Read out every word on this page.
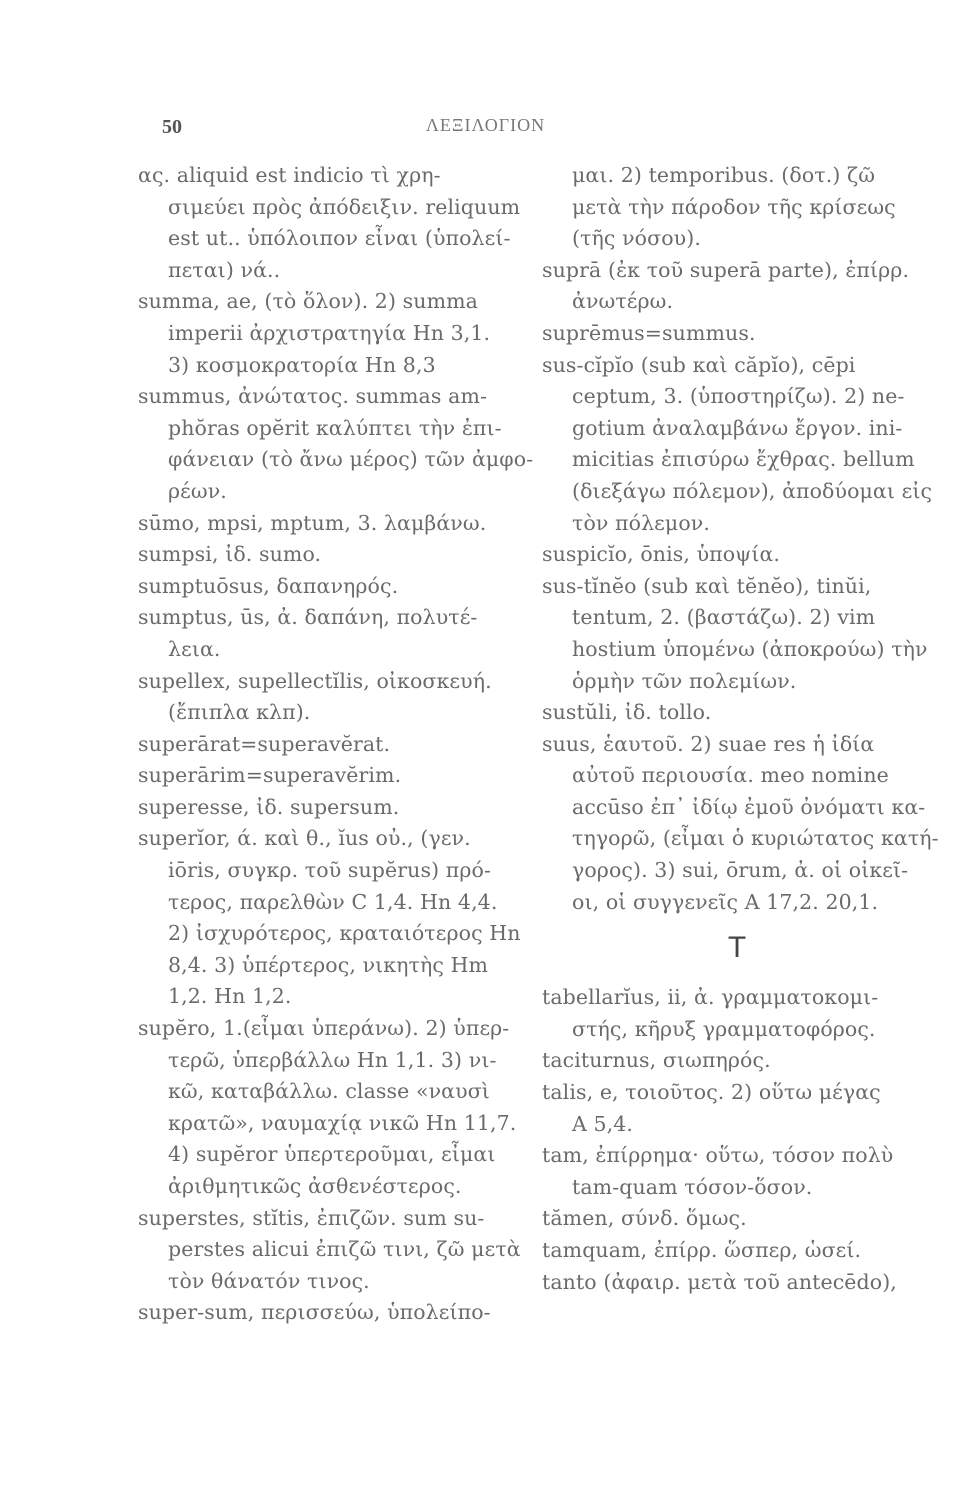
50	ΛΕΞΙΛΟΓΙΟΝ
ας. aliquid est indicio τὶ χρη-
σιμεύει πρὸς ἀπόδειξιν. reliquum
est ut.. ὑπόλοιπον εἶναι (ὑπολεί-
πεται) νά..
summa, ae, (τὸ ὅλον). 2) summa
imperii ἀρχιστρατηγία Hn 3,1.
3) κοσμοκρατορία Hn 8,3
summus, ἀνώτατος. summas am-
phŏras opĕrit καλύπτει τὴν ἐπι-
φάνειαν (τὸ ἄνω μέρος) τῶν ἀμφο-
ρέων.
sūmo, mpsi, mptum, 3. λαμβάνω.
sumpsi, ἰδ. sumo.
sumptuōsus, δαπανηρός.
sumptus, ūs, ἀ. δαπάνη, πολυτέ-
λεια.
supellex, supellectĭlis, οἰκοσκευή.
(ἔπιπλα κλπ).
superārat=superavĕrat.
superārim=superavĕrim.
superesse, ἰδ. supersum.
superĭor, ά. καὶ θ., ĭus οὐ., (γεν.
iōris, συγκρ. τοῦ supĕrus) πρό-
τερος, παρελθὼν C 1,4. Hn 4,4.
2) ἰσχυρότερος, κραταιότερος Hn
8,4. 3) ὑπέρτερος, νικητὴς Hm
1,2. Hn 1,2.
supĕro, 1.(εἶμαι ὑπεράνω). 2) ὑπερ-
τερῶ, ὑπερβάλλω Hn 1,1. 3) νι-
κῶ, καταβάλλω. classe «ναυσὶ
κρατῶ», ναυμαχίᾳ νικῶ Hn 11,7.
4) supĕror ὑπερτεροῦμαι, εἶμαι
ἀριθμητικῶς ἀσθενέστερος.
superstes, stĭtis, ἐπιζῶν. sum su-
perstes alicui ἐπιζῶ τινι, ζῶ μετὰ
τὸν θάνατόν τινος.
super-sum, περισσεύω, ὑπολείπο-
μαι. 2) temporibus. (δοτ.) ζῶ
μετὰ τὴν πάροδον τῆς κρίσεως
(τῆς νόσου).
suprā (ἐκ τοῦ superā parte), ἐπίρρ.
ἀνωτέρω.
suprēmus=summus.
sus-cĭpĭo (sub καὶ căpĭo), cēpi
ceptum, 3. (ὑποστηρίζω). 2) ne-
gotium ἀναλαμβάνω ἔργον. ini-
micitias ἐπισύρω ἔχθρας. bellum
(διεξάγω πόλεμον), ἀποδύομαι εἰς
τὸν πόλεμον.
suspicĭo, ōnis, ὑποψία.
sus-tĭnĕo (sub καὶ tĕnĕo), tinŭi,
tentum, 2. (βαστάζω). 2) vim
hostium ὑπομένω (ἀποκρούω) τὴν
ὁρμὴν τῶν πολεμίων.
sustŭli, ἰδ. tollo.
suus, ἑαυτοῦ. 2) suae res ἡ ἰδία
αὐτοῦ περιουσία. meo nomine
accūso ἐπ᾽ ἰδίῳ ἐμοῦ ὀνόματι κα-
τηγορῶ, (εἶμαι ὁ κυριώτατος κατή-
γορος). 3) sui, ōrum, ἀ. οἱ οἰκεῖ-
οι, οἱ συγγενεῖς A 17,2. 20,1.
T
tabellarĭus, ii, ἀ. γραμματοκομι-
στής, κῆρυξ γραμματοφόρος.
taciturnus, σιωπηρός.
talis, e, τοιοῦτος. 2) οὕτω μέγας
A 5,4.
tam, ἐπίρρημα· οὕτω, τόσον πολὺ
tam-quam τόσον-ὅσον.
tămen, σύνδ. ὅμως.
tamquam, ἐπίρρ. ὥσπερ, ὡσεί.
tanto (ἀφαιρ. μετὰ τοῦ antecēdo),
